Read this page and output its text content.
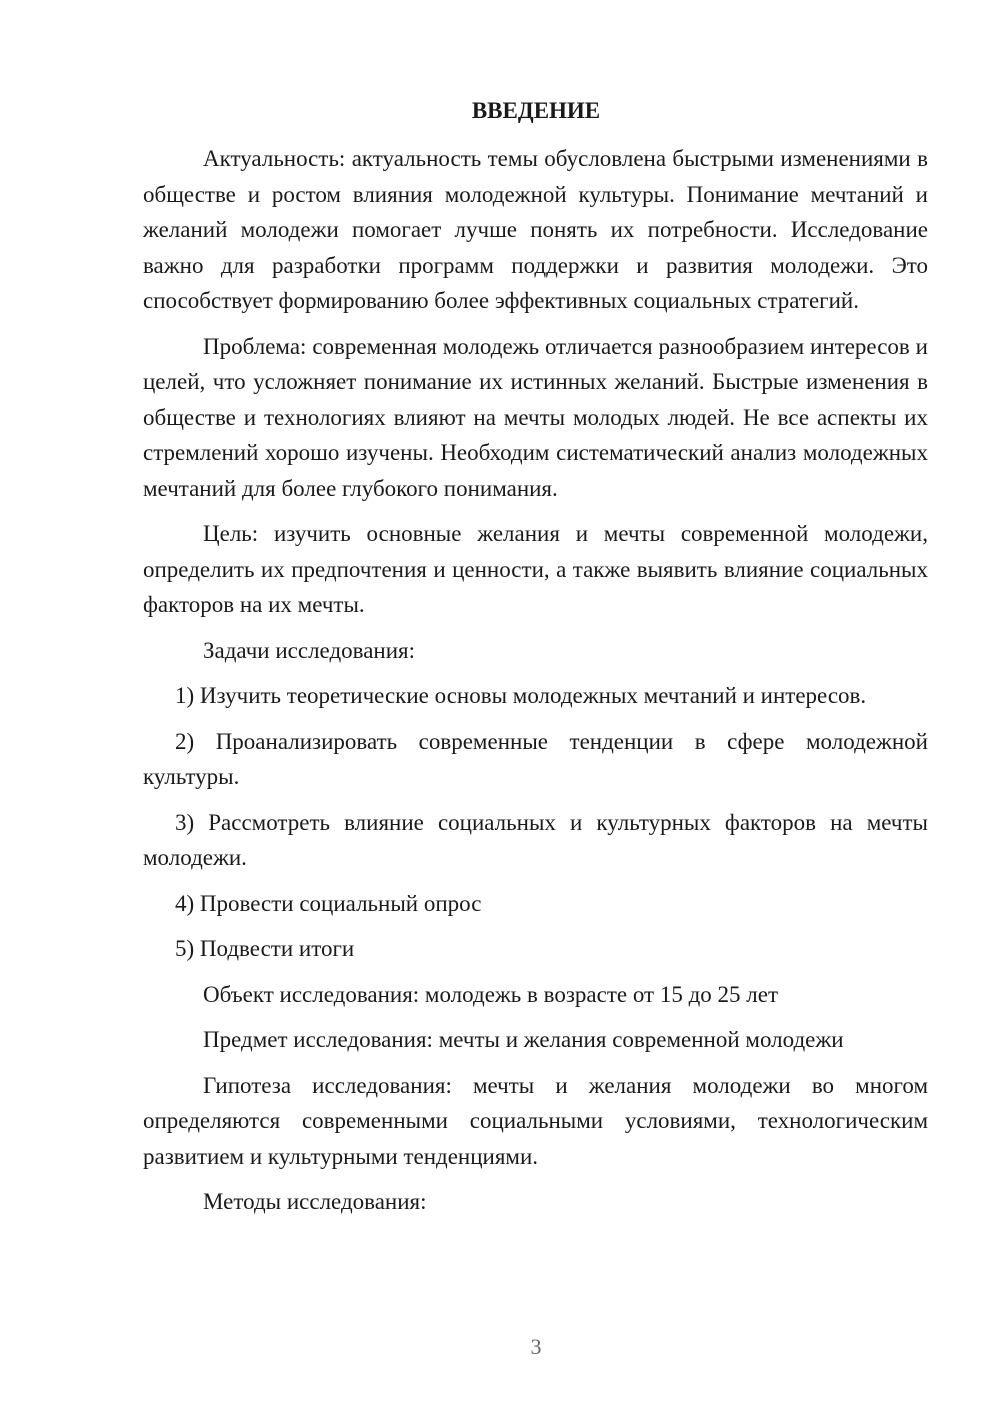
ВВЕДЕНИЕ

Актуальность: актуальность темы обусловлена быстрыми изменениями в обществе и ростом влияния молодежной культуры. Понимание мечтаний и желаний молодежи помогает лучше понять их потребности. Исследование важно для разработки программ поддержки и развития молодежи. Это способствует формированию более эффективных социальных стратегий.

Проблема: современная молодежь отличается разнообразием интересов и целей, что усложняет понимание их истинных желаний. Быстрые изменения в обществе и технологиях влияют на мечты молодых людей. Не все аспекты их стремлений хорошо изучены. Необходим систематический анализ молодежных мечтаний для более глубокого понимания.

Цель: изучить основные желания и мечты современной молодежи, определить их предпочтения и ценности, а также выявить влияние социальных факторов на их мечты.

Задачи исследования:

1) Изучить теоретические основы молодежных мечтаний и интересов.

2) Проанализировать современные тенденции в сфере молодежной культуры.

3) Рассмотреть влияние социальных и культурных факторов на мечты молодежи.

4) Провести социальный опрос

5) Подвести итоги

Объект исследования: молодежь в возрасте от 15 до 25 лет

Предмет исследования: мечты и желания современной молодежи

Гипотеза исследования: мечты и желания молодежи во многом определяются современными социальными условиями, технологическим развитием и культурными тенденциями.

Методы исследования:

3
